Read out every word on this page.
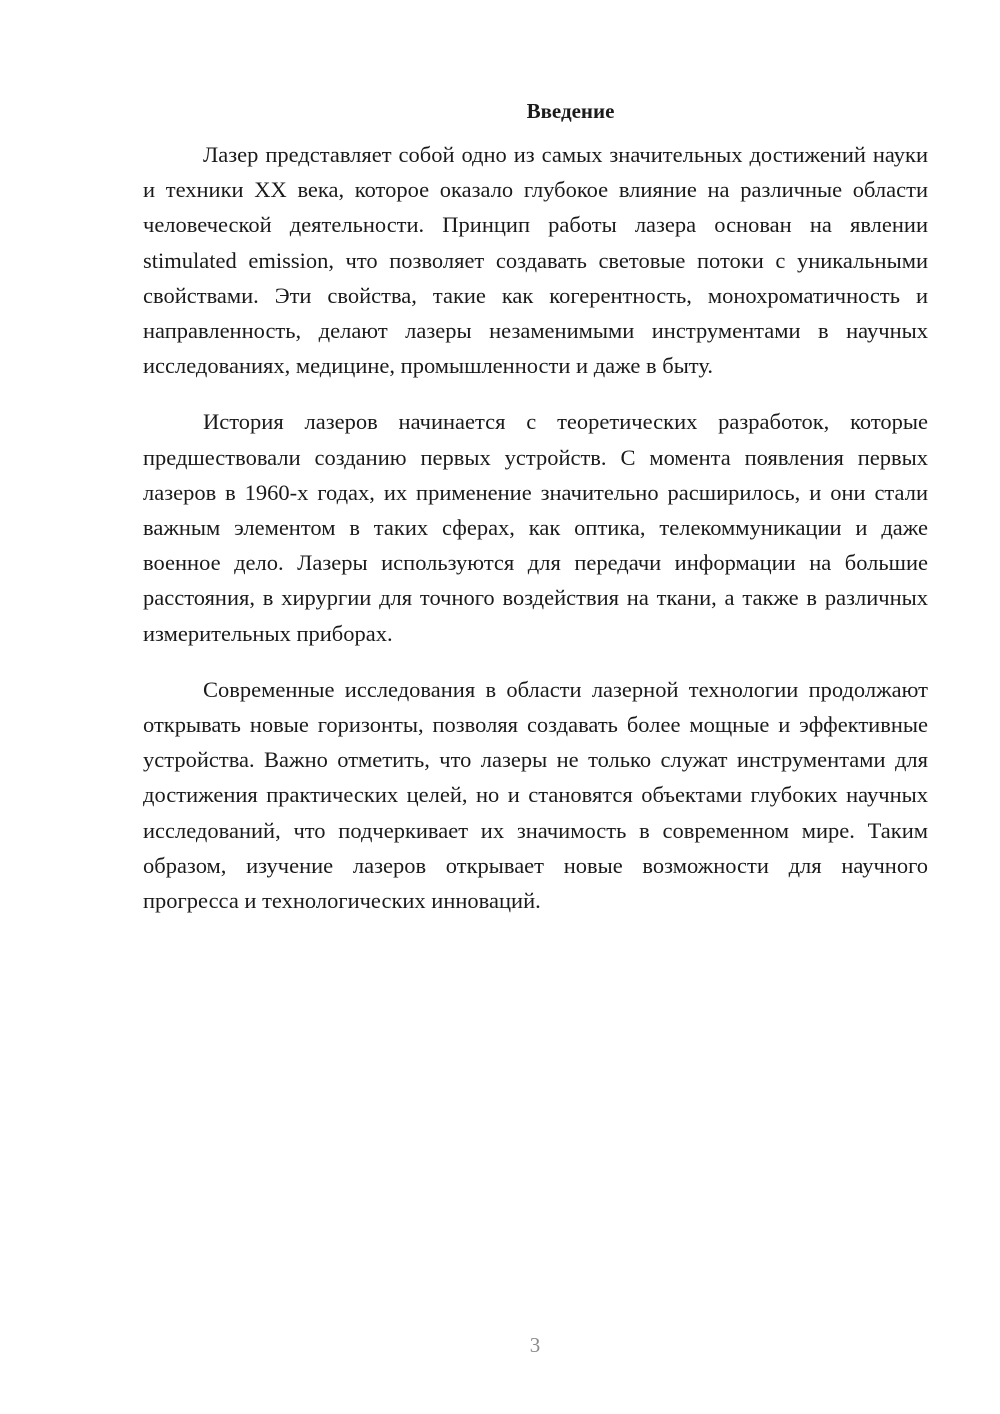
Введение

Лазер представляет собой одно из самых значительных достижений науки и техники XX века, которое оказало глубокое влияние на различные области человеческой деятельности. Принцип работы лазера основан на явлении stimulated emission, что позволяет создавать световые потоки с уникальными свойствами. Эти свойства, такие как когерентность, монохроматичность и направленность, делают лазеры незаменимыми инструментами в научных исследованиях, медицине, промышленности и даже в быту.

История лазеров начинается с теоретических разработок, которые предшествовали созданию первых устройств. С момента появления первых лазеров в 1960-х годах, их применение значительно расширилось, и они стали важным элементом в таких сферах, как оптика, телекоммуникации и даже военное дело. Лазеры используются для передачи информации на большие расстояния, в хирургии для точного воздействия на ткани, а также в различных измерительных приборах.

Современные исследования в области лазерной технологии продолжают открывать новые горизонты, позволяя создавать более мощные и эффективные устройства. Важно отметить, что лазеры не только служат инструментами для достижения практических целей, но и становятся объектами глубоких научных исследований, что подчеркивает их значимость в современном мире. Таким образом, изучение лазеров открывает новые возможности для научного прогресса и технологических инноваций.

3
